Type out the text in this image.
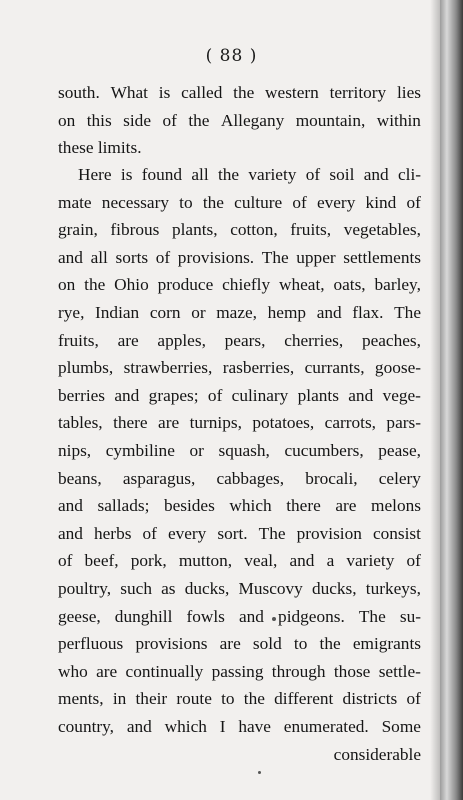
( 88 )
south. What is called the western territory lies
on this side of the Allegany mountain, within
these limits.
Here is found all the variety of soil and cli-
mate necessary to the culture of every kind of
grain, fibrous plants, cotton, fruits, vegetables,
and all sorts of provisions. The upper settlements
on the Ohio produce chiefly wheat, oats, barley,
rye, Indian corn or maze, hemp and flax. The
fruits, are apples, pears, cherries, peaches,
plumbs, strawberries, rasberries, currants, goose-
berries and grapes; of culinary plants and vege-
tables, there are turnips, potatoes, carrots, pars-
nips, cymbiline or squash, cucumbers, pease,
beans, asparagus, cabbages, brocali, celery
and sallads; besides which there are melons
and herbs of every sort. The provision consist
of beef, pork, mutton, veal, and a variety of
poultry, such as ducks, Muscovy ducks, turkeys,
geese, dunghill fowls and pidgeons. The su-
perfluous provisions are sold to the emigrants
who are continually passing through those settle-
ments, in their route to the different districts of
country, and which I have enumerated. Some
considerable
